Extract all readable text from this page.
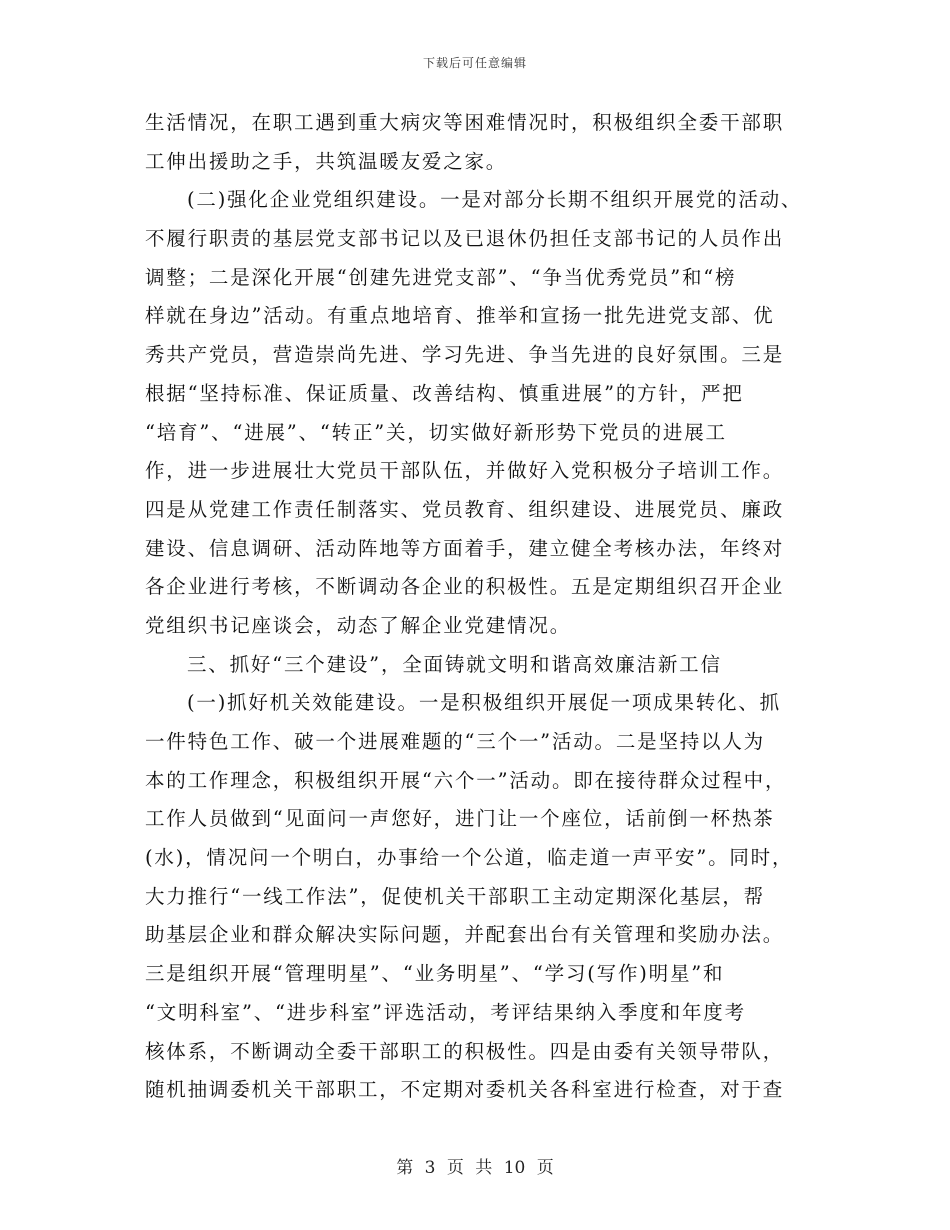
下载后可任意编辑
生活情况，在职工遇到重大病灾等困难情况时，积极组织全委干部职
工伸出援助之手，共筑温暖友爱之家。
(二)强化企业党组织建设。一是对部分长期不组织开展党的活动、
不履行职责的基层党支部书记以及已退休仍担任支部书记的人员作出
调整；二是深化开展“创建先进党支部”、“争当优秀党员”和“榜
样就在身边”活动。有重点地培育、推举和宣扬一批先进党支部、优
秀共产党员，营造崇尚先进、学习先进、争当先进的良好氛围。三是
根据“坚持标准、保证质量、改善结构、慎重进展”的方针，严把
“培育”、“进展”、“转正”关，切实做好新形势下党员的进展工
作，进一步进展壮大党员干部队伍，并做好入党积极分子培训工作。
四是从党建工作责任制落实、党员教育、组织建设、进展党员、廉政
建设、信息调研、活动阵地等方面着手，建立健全考核办法，年终对
各企业进行考核，不断调动各企业的积极性。五是定期组织召开企业
党组织书记座谈会，动态了解企业党建情况。
三、抓好“三个建设”，全面铸就文明和谐高效廉洁新工信
(一)抓好机关效能建设。一是积极组织开展促一项成果转化、抓
一件特色工作、破一个进展难题的“三个一”活动。二是坚持以人为
本的工作理念，积极组织开展“六个一”活动。即在接待群众过程中，
工作人员做到“见面问一声您好，进门让一个座位，话前倒一杯热茶
(水)，情况问一个明白，办事给一个公道，临走道一声平安”。同时，
大力推行“一线工作法”，促使机关干部职工主动定期深化基层，帮
助基层企业和群众解决实际问题，并配套出台有关管理和奖励办法。
三是组织开展“管理明星”、“业务明星”、“学习(写作)明星”和
“文明科室”、“进步科室”评选活动，考评结果纳入季度和年度考
核体系，不断调动全委干部职工的积极性。四是由委有关领导带队，
随机抽调委机关干部职工，不定期对委机关各科室进行检查，对于查
第 3 页 共 10 页
